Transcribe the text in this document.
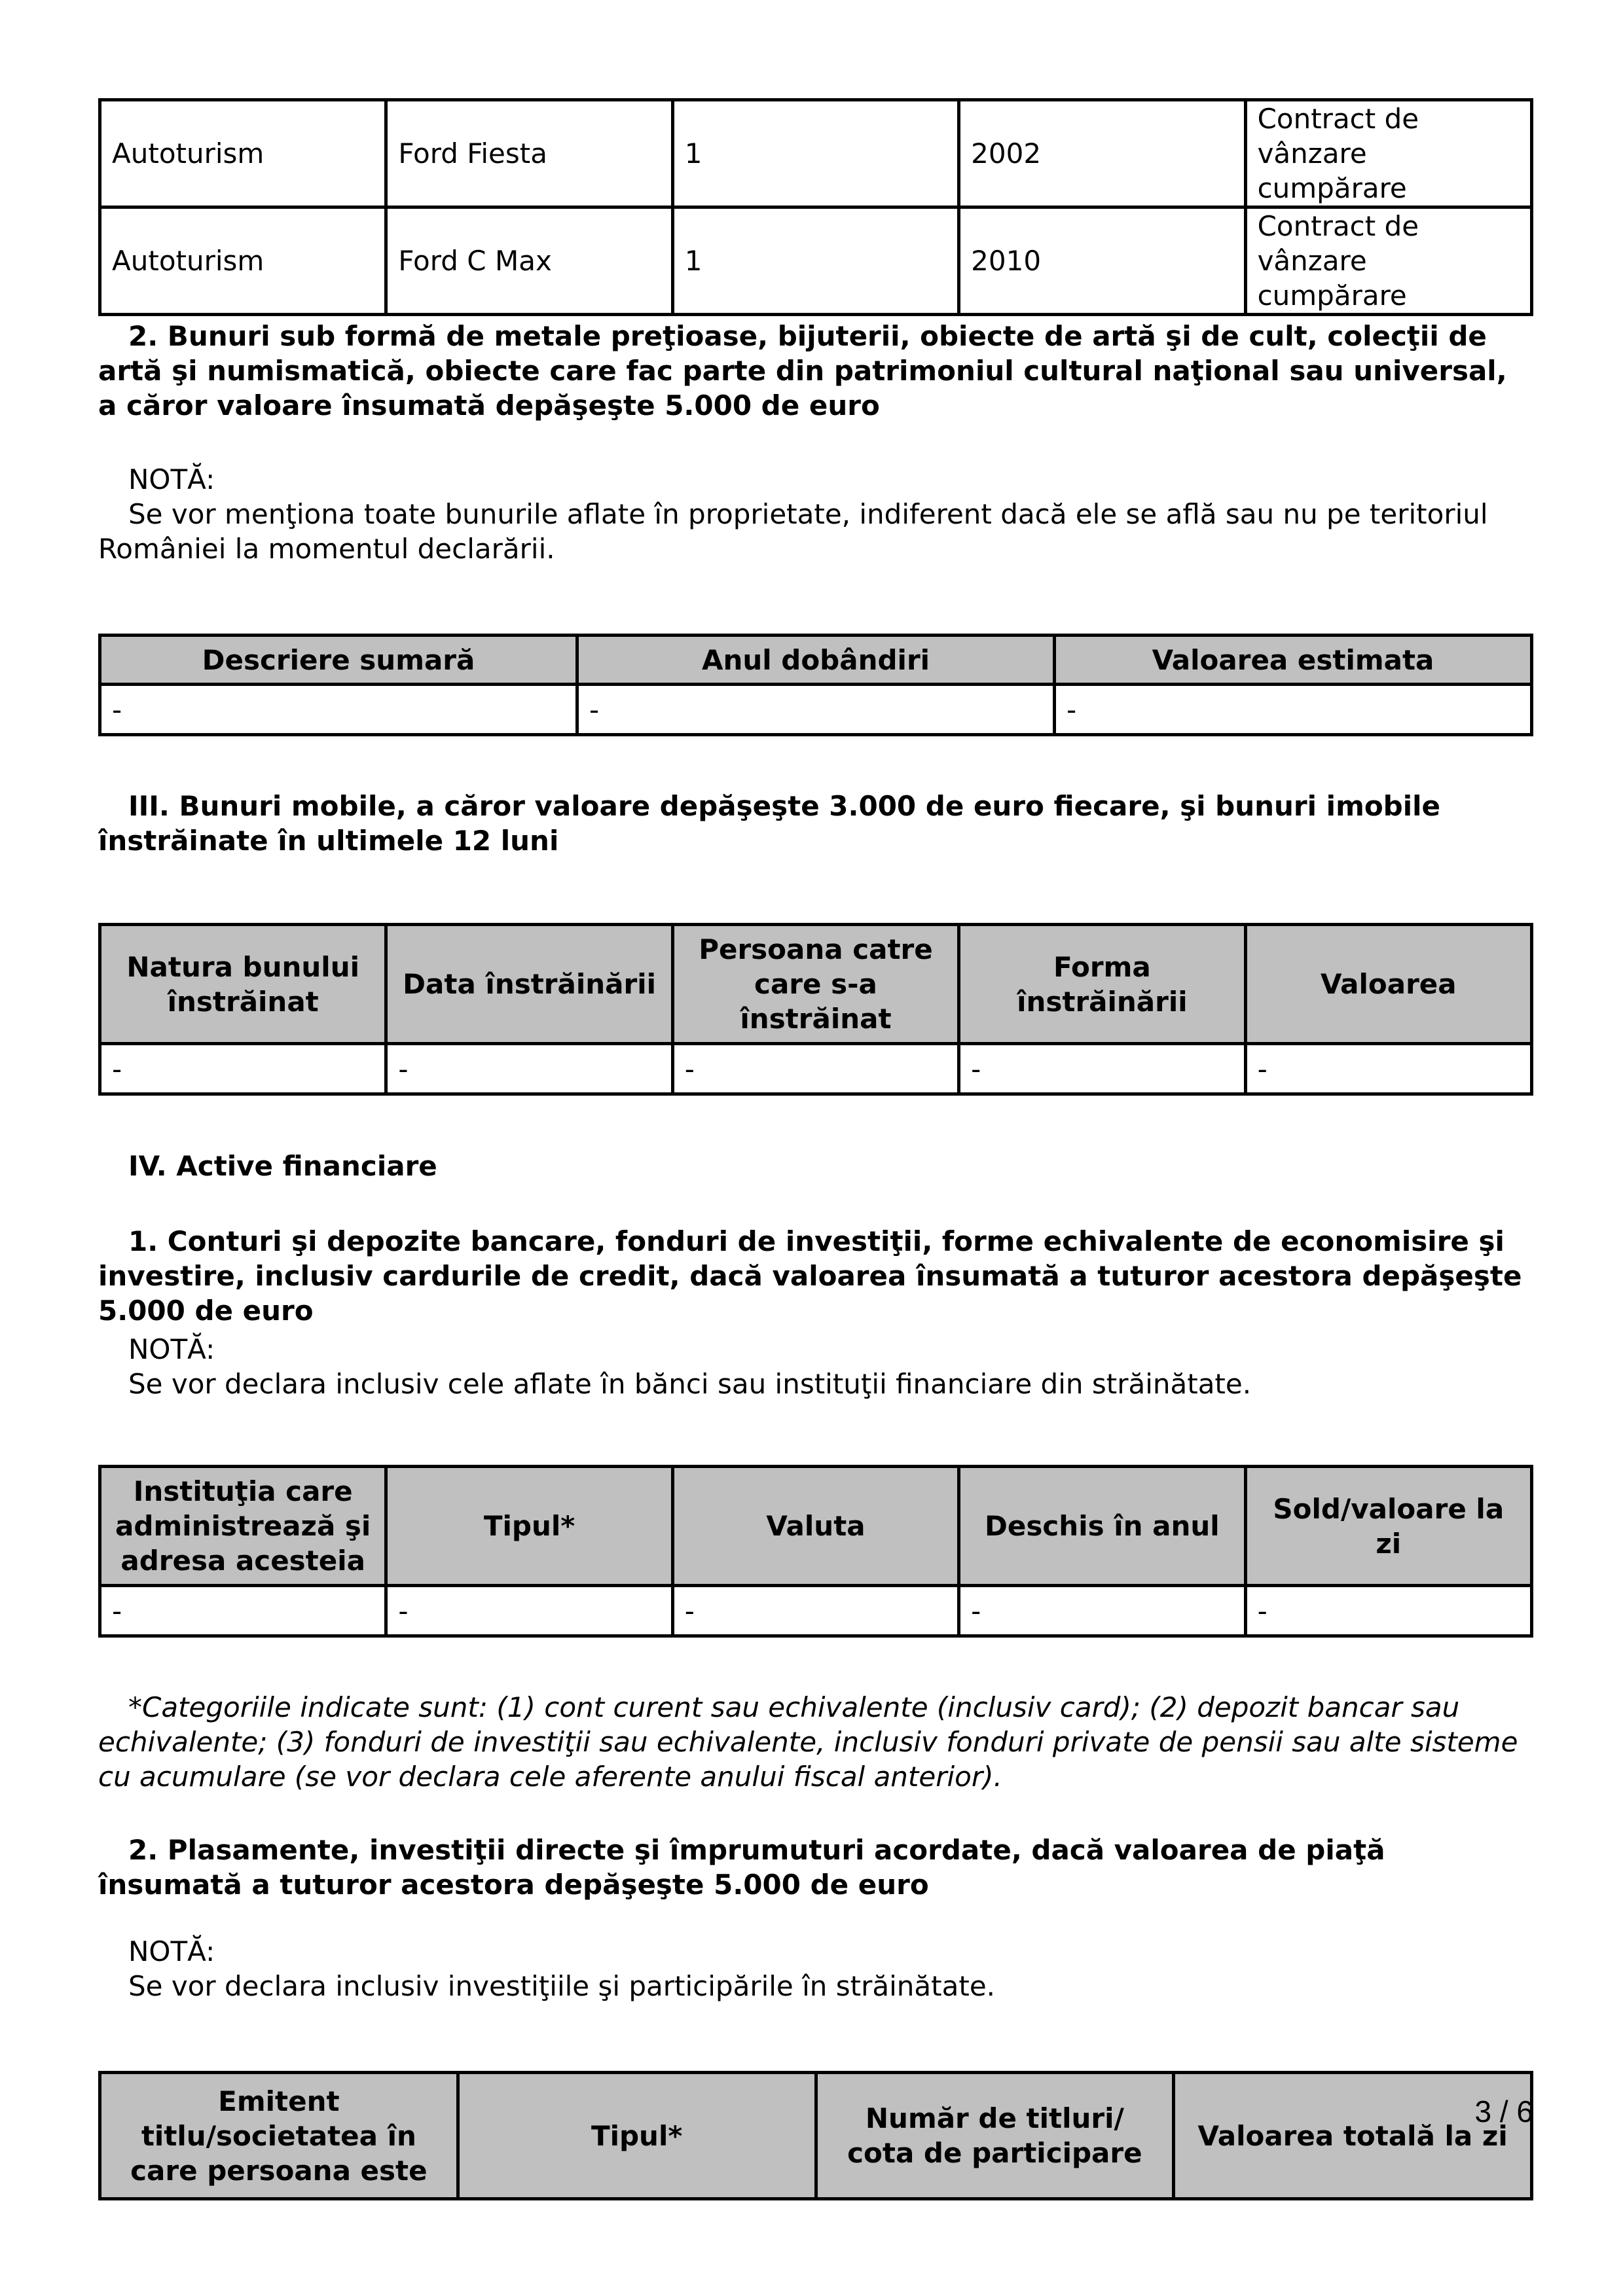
Autoturism	Ford Fiesta	1	2002	Contract de vânzare cumpărare
Autoturism	Ford C Max	1	2010	Contract de vânzare cumpărare

2. Bunuri sub formă de metale preţioase, bijuterii, obiecte de artă şi de cult, colecţii de artă şi numismatică, obiecte care fac parte din patrimoniul cultural naţional sau universal, a căror valoare însumată depăşeşte 5.000 de euro

NOTĂ:

Se vor menţiona toate bunurile aflate în proprietate, indiferent dacă ele se află sau nu pe teritoriul României la momentul declarării.

Descriere sumară	Anul dobândiri	Valoarea estimata
-	-	-

III. Bunuri mobile, a căror valoare depăşeşte 3.000 de euro fiecare, şi bunuri imobile înstrăinate în ultimele 12 luni

Natura bunului înstrăinat	Data înstrăinării	Persoana catre care s-a înstrăinat	Forma înstrăinării	Valoarea
-	-	-	-	-

IV. Active financiare

1. Conturi şi depozite bancare, fonduri de investiţii, forme echivalente de economisire şi investire, inclusiv cardurile de credit, dacă valoarea însumată a tuturor acestora depăşeşte 5.000 de euro

NOTĂ:

Se vor declara inclusiv cele aflate în bănci sau instituţii financiare din străinătate.

Instituţia care administrează şi adresa acesteia	Tipul*	Valuta	Deschis în anul	Sold/valoare la zi
-	-	-	-	-

*Categoriile indicate sunt: (1) cont curent sau echivalente (inclusiv card); (2) depozit bancar sau echivalente; (3) fonduri de investiţii sau echivalente, inclusiv fonduri private de pensii sau alte sisteme cu acumulare (se vor declara cele aferente anului fiscal anterior).

2. Plasamente, investiţii directe şi împrumuturi acordate, dacă valoarea de piaţă însumată a tuturor acestora depăşeşte 5.000 de euro

NOTĂ:

Se vor declara inclusiv investiţiile şi participările în străinătate.

Emitent titlu/societatea în care persoana este	Tipul*	Număr de titluri/ cota de participare	Valoarea totală la zi
3 / 6
